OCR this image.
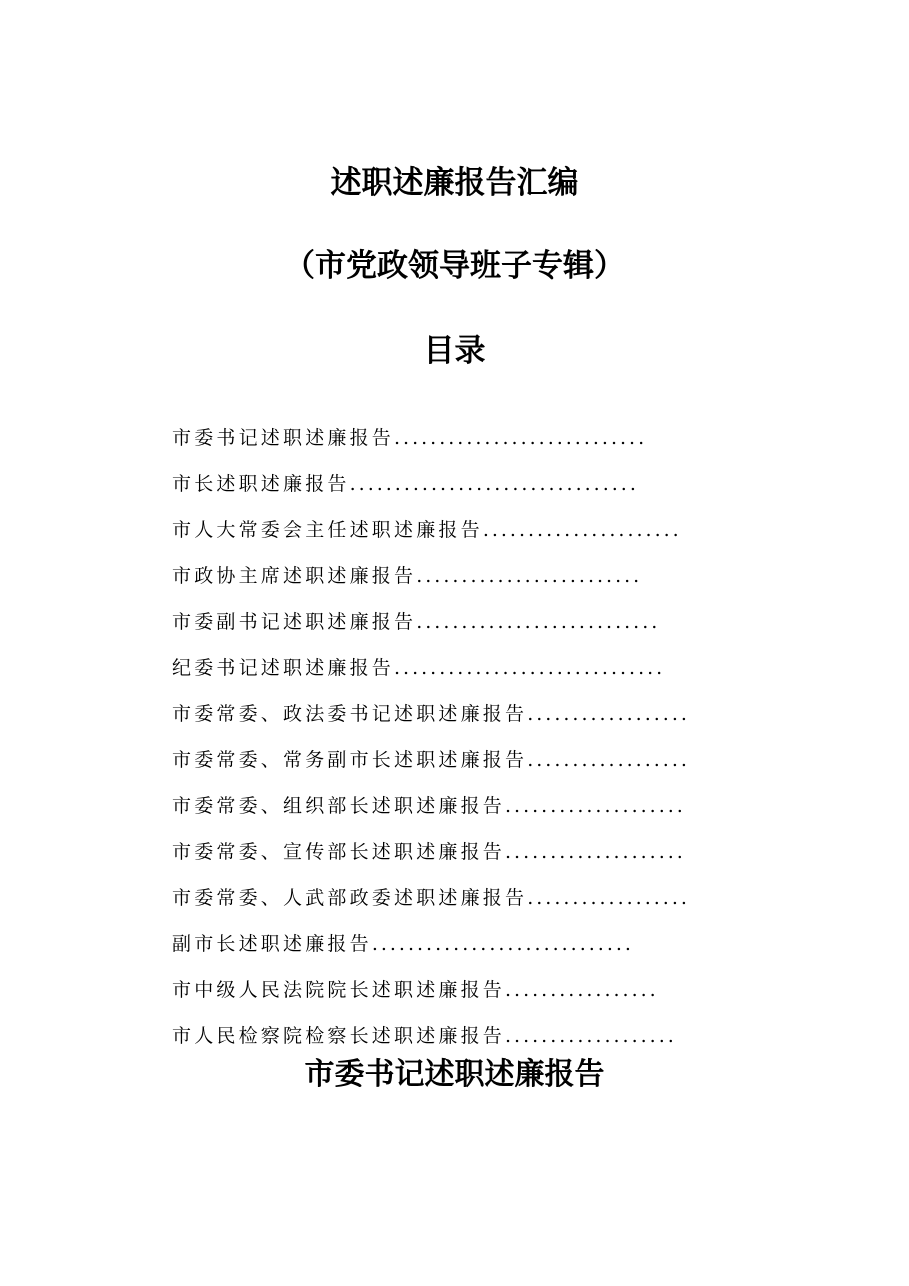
述职述廉报告汇编
（市党政领导班子专辑）
目录
市委书记述职述廉报告............................
市长述职述廉报告................................
市人大常委会主任述职述廉报告......................
市政协主席述职述廉报告.........................
市委副书记述职述廉报告...........................
纪委书记述职述廉报告..............................
市委常委、政法委书记述职述廉报告..................
市委常委、常务副市长述职述廉报告..................
市委常委、组织部长述职述廉报告....................
市委常委、宣传部长述职述廉报告....................
市委常委、人武部政委述职述廉报告..................
副市长述职述廉报告.............................
市中级人民法院院长述职述廉报告.................
市人民检察院检察长述职述廉报告...................
市委书记述职述廉报告
